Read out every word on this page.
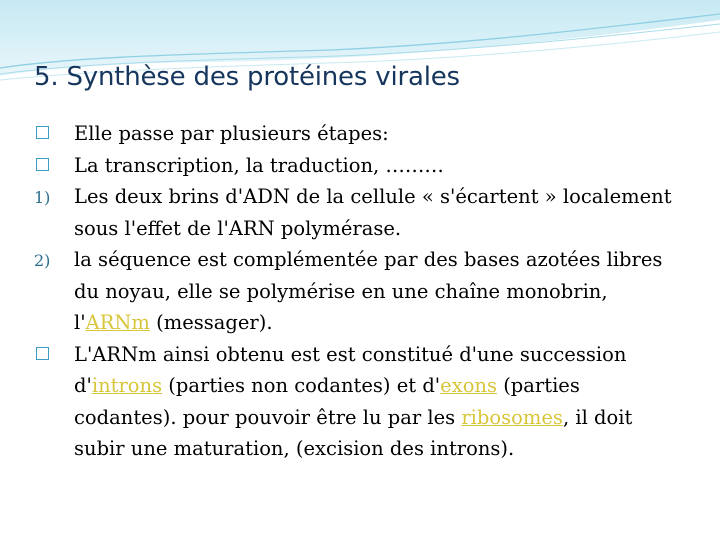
5. Synthèse des protéines virales
Elle passe par plusieurs étapes:
La transcription, la traduction, ………
1)	Les deux brins d'ADN de la cellule « s'écartent » localement sous l'effet de l'ARN polymérase.
2)	la séquence est complémentée par des bases azotées libres du noyau, elle se polymérise en une chaîne monobrin, l'ARNm (messager).
L'ARNm ainsi obtenu est est constitué d'une succession d'introns (parties non codantes) et d'exons (parties codantes). pour pouvoir être lu par les ribosomes, il doit subir une maturation, (excision des introns).
